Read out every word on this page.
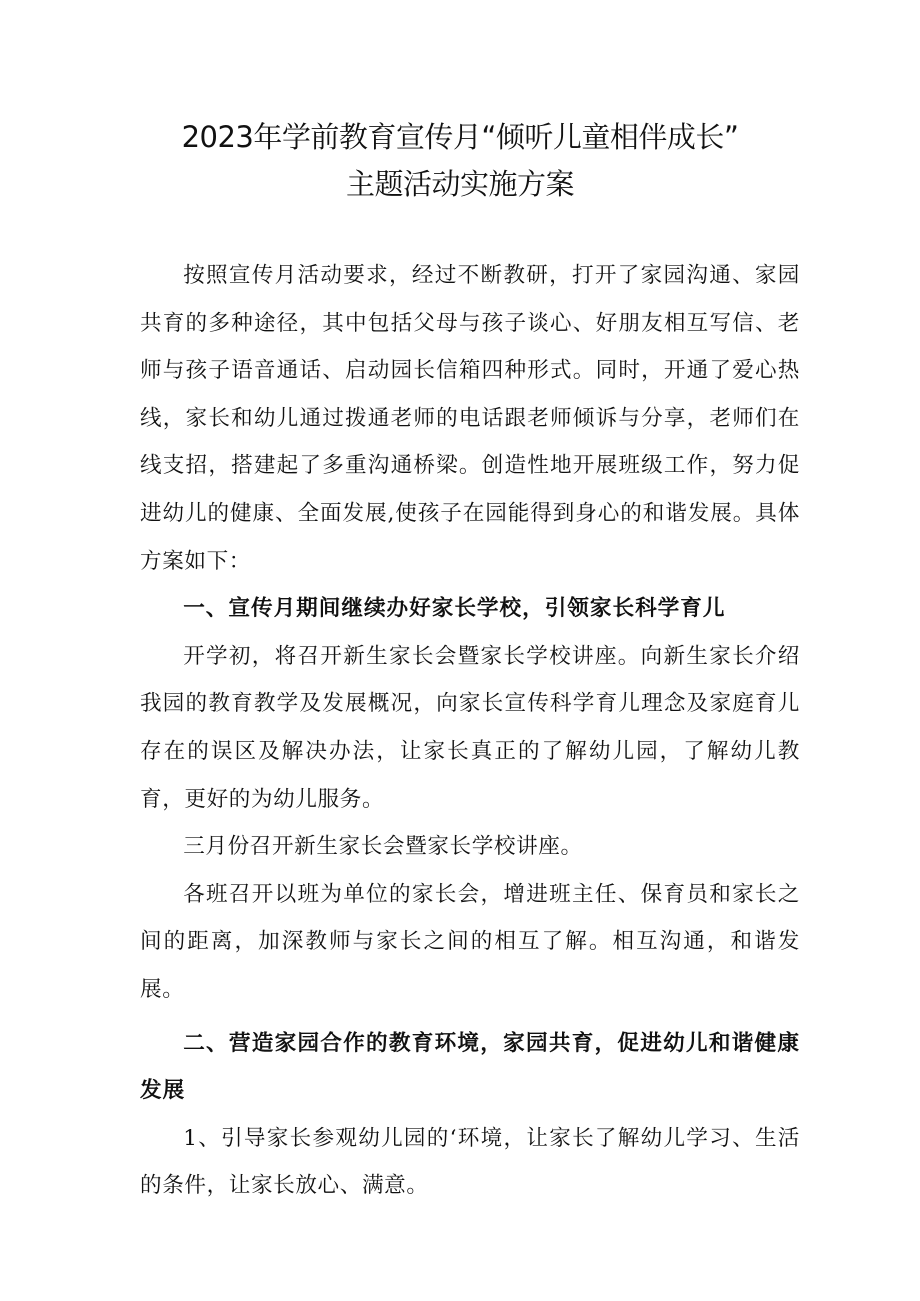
2023年学前教育宣传月“倾听儿童相伴成长”
主题活动实施方案

按照宣传月活动要求，经过不断教研，打开了家园沟通、家园共育的多种途径，其中包括父母与孩子谈心、好朋友相互写信、老师与孩子语音通话、启动园长信箱四种形式。同时，开通了爱心热线，家长和幼儿通过拨通老师的电话跟老师倾诉与分享，老师们在线支招，搭建起了多重沟通桥梁。创造性地开展班级工作，努力促进幼儿的健康、全面发展,使孩子在园能得到身心的和谐发展。具体方案如下：

一、宣传月期间继续办好家长学校，引领家长科学育儿

开学初，将召开新生家长会暨家长学校讲座。向新生家长介绍我园的教育教学及发展概况，向家长宣传科学育儿理念及家庭育儿存在的误区及解决办法，让家长真正的了解幼儿园，了解幼儿教育，更好的为幼儿服务。

三月份召开新生家长会暨家长学校讲座。

各班召开以班为单位的家长会，增进班主任、保育员和家长之间的距离，加深教师与家长之间的相互了解。相互沟通，和谐发展。

二、营造家园合作的教育环境，家园共育，促进幼儿和谐健康发展

1、引导家长参观幼儿园的‘环境，让家长了解幼儿学习、生活的条件，让家长放心、满意。
